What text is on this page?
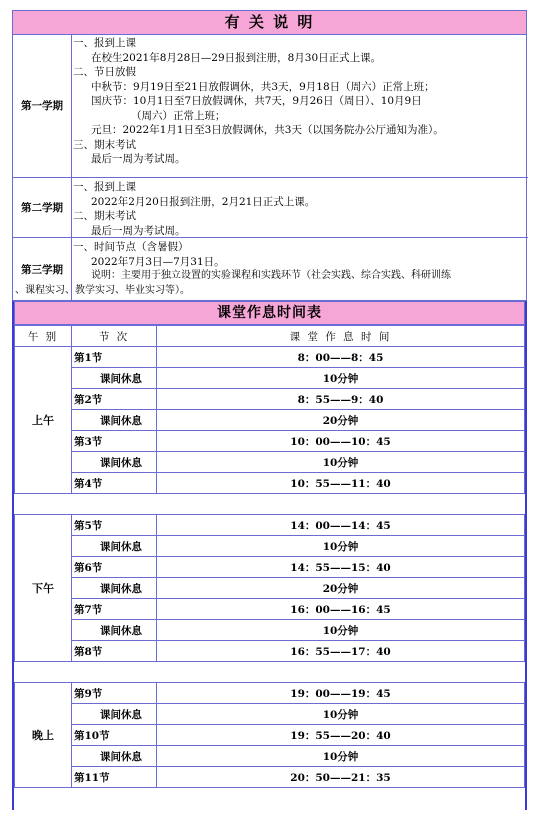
有 关 说 明
第一学期
一、报到上课
在校生2021年8月28日—29日报到注册，8月30日正式上课。
二、节日放假
中秋节：9月19日至21日放假调休，共3天，9月18日（周六）正常上班；
国庆节：10月1日至7日放假调休，共7天，9月26日（周日）、10月9日
（周六）正常上班；
元旦：2022年1月1日至3日放假调休，共3天（以国务院办公厅通知为准）。
三、期末考试
最后一周为考试周。
第二学期
一、报到上课
2022年2月20日报到注册，2月21日正式上课。
二、期末考试
最后一周为考试周。
第三学期
一、时间节点（含暑假）
2022年7月3日—7月31日。
说明：主要用于独立设置的实验课程和实践环节（社会实践、综合实践、科研训练
、课程实习、教学实习、毕业实习等）。
课堂作息时间表
午 别	节 次	课 堂 作 息 时 间
上午	第1节	8：00——8：45
	课间休息	10分钟
	第2节	8：55——9：40
	课间休息	20分钟
	第3节	10：00——10：45
	课间休息	10分钟
	第4节	10：55——11：40

下午	第5节	14：00——14：45
	课间休息	10分钟
	第6节	14：55——15：40
	课间休息	20分钟
	第7节	16：00——16：45
	课间休息	10分钟
	第8节	16：55——17：40

晚上	第9节	19：00——19：45
	课间休息	10分钟
	第10节	19：55——20：40
	课间休息	10分钟
	第11节	20：50——21：35
